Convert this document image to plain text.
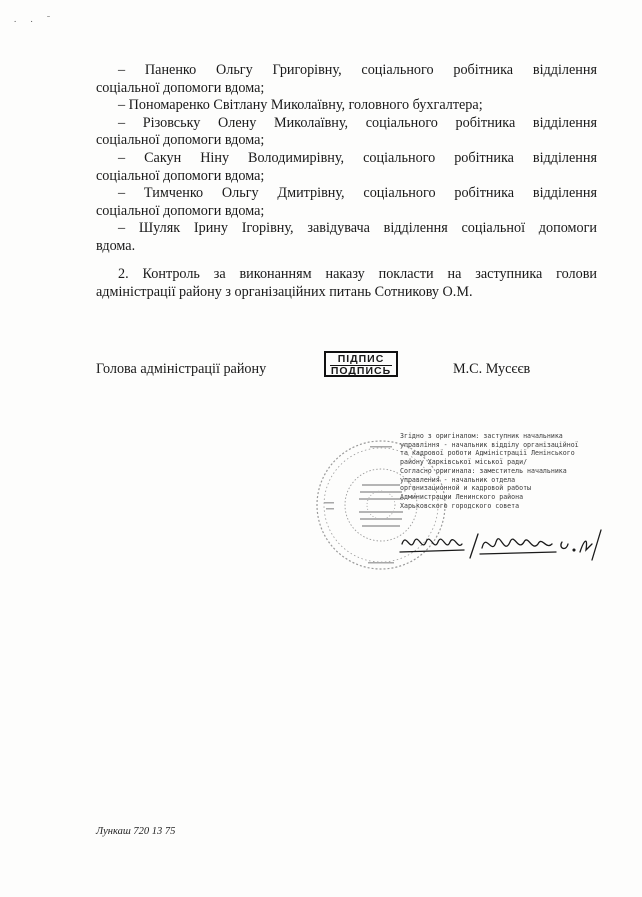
. . ˉ
– Паненко Ольгу Григорівну, соціального робітника відділення
соціальної допомоги вдома;
– Пономаренко Світлану Миколаївну, головного бухгалтера;
– Різовську Олену Миколаївну, соціального робітника відділення
соціальної допомоги вдома;
– Сакун Ніну Володимирівну, соціального робітника відділення
соціальної допомоги вдома;
– Тимченко Ольгу Дмитрівну, соціального робітника відділення
соціальної допомоги вдома;
– Шуляк Ірину Ігорівну, завідувача відділення соціальної допомоги
вдома.
2. Контроль за виконанням наказу покласти на заступника голови
адміністрації району з організаційних питань Сотникову О.М.
Голова адміністрації району
ПІДПИС
ПОДПИСЬ	М.С. Мусєєв
Згідно з оригіналом: заступник начальника
управління - начальник відділу організаційної
та кадрової роботи Адміністрації Ленінського
району Харківської міської ради/
Согласно оригинала: заместитель начальника
управления - начальник отдела
организационной и кадровой работы
Администрации Ленинского района
Харьковского городского совета
Лункаш 720 13 75
